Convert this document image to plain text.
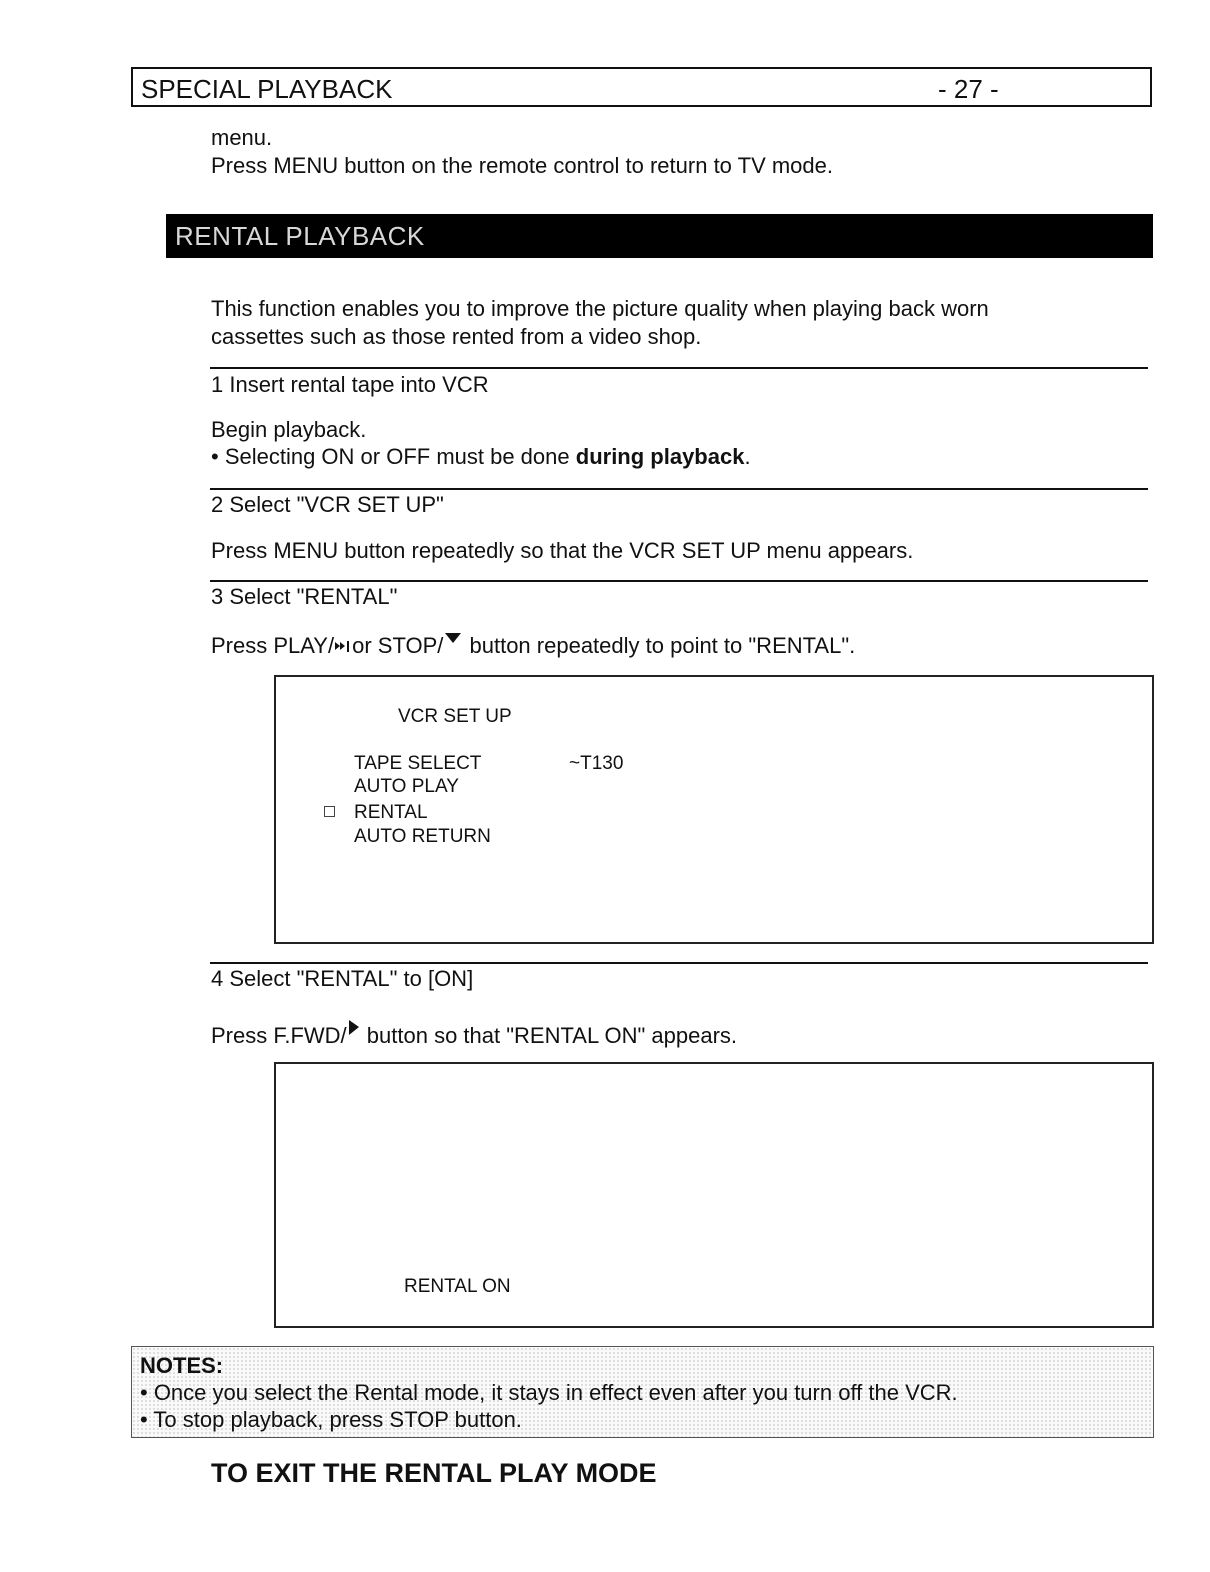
SPECIAL PLAYBACK	- 27 -
menu.
Press MENU button on the remote control to return to TV mode.
RENTAL PLAYBACK
This function enables you to improve the picture quality when playing back worn
cassettes such as those rented from a video shop.
1 Insert rental tape into VCR
Begin playback.
• Selecting ON or OFF must be done during playback.
2 Select "VCR SET UP"
Press MENU button repeatedly so that the VCR SET UP menu appears.
3 Select "RENTAL"
Press PLAY/ or STOP/ button repeatedly to point to "RENTAL".
VCR SET UP
TAPE SELECT	~T130
AUTO PLAY
RENTAL
AUTO RETURN
4 Select "RENTAL" to [ON]
Press F.FWD/ button so that "RENTAL ON" appears.
RENTAL ON
NOTES:
• Once you select the Rental mode, it stays in effect even after you turn off the VCR.
• To stop playback, press STOP button.
TO EXIT THE RENTAL PLAY MODE
